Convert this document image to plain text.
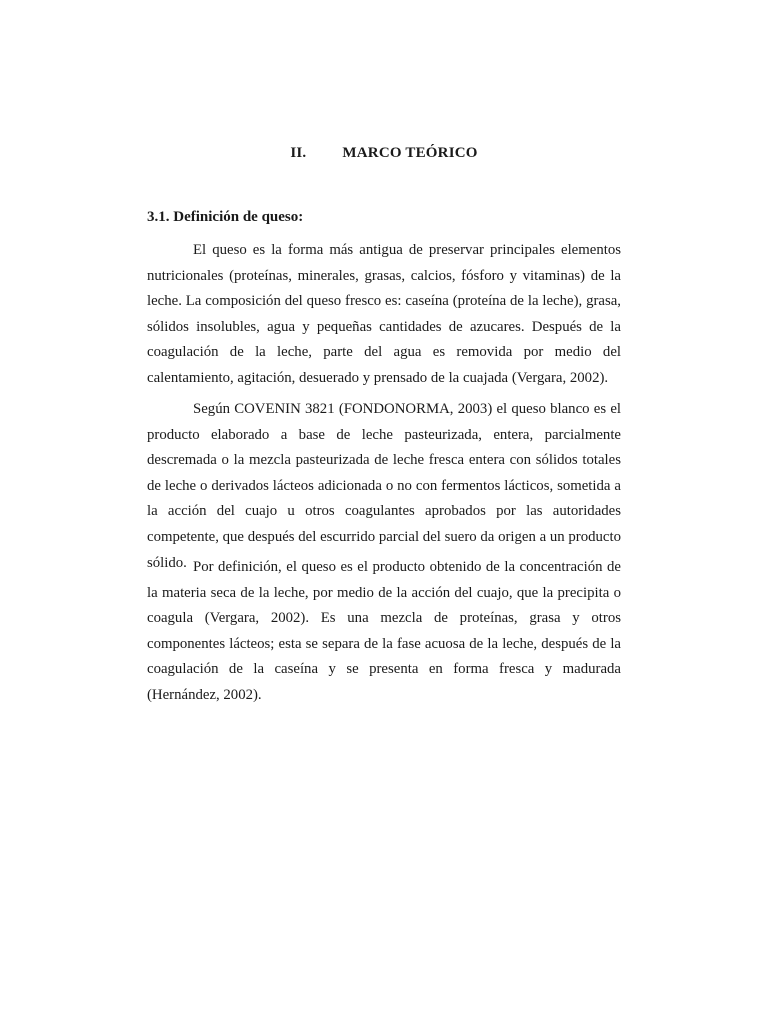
II. MARCO TEÓRICO
3.1. Definición de queso:

El queso es la forma más antigua de preservar principales elementos nutricionales (proteínas, minerales, grasas, calcios, fósforo y vitaminas) de la leche. La composición del queso fresco es: caseína (proteína de la leche), grasa, sólidos insolubles, agua y pequeñas cantidades de azucares. Después de la coagulación de la leche, parte del agua es removida por medio del calentamiento, agitación, desuerado y prensado de la cuajada (Vergara, 2002).

Según COVENIN 3821 (FONDONORMA, 2003) el queso blanco es el producto elaborado a base de leche pasteurizada, entera, parcialmente descremada o la mezcla pasteurizada de leche fresca entera con sólidos totales de leche o derivados lácteos adicionada o no con fermentos lácticos, sometida a la acción del cuajo u otros coagulantes aprobados por las autoridades competente, que después del escurrido parcial del suero da origen a un producto sólido. Por definición, el queso es el producto obtenido de la concentración de la materia seca de la leche, por medio de la acción del cuajo, que la precipita o coagula (Vergara, 2002). Es una mezcla de proteínas, grasa y otros componentes lácteos; esta se separa de la fase acuosa de la leche, después de la coagulación de la caseína y se presenta en forma fresca y madurada (Hernández, 2002).
